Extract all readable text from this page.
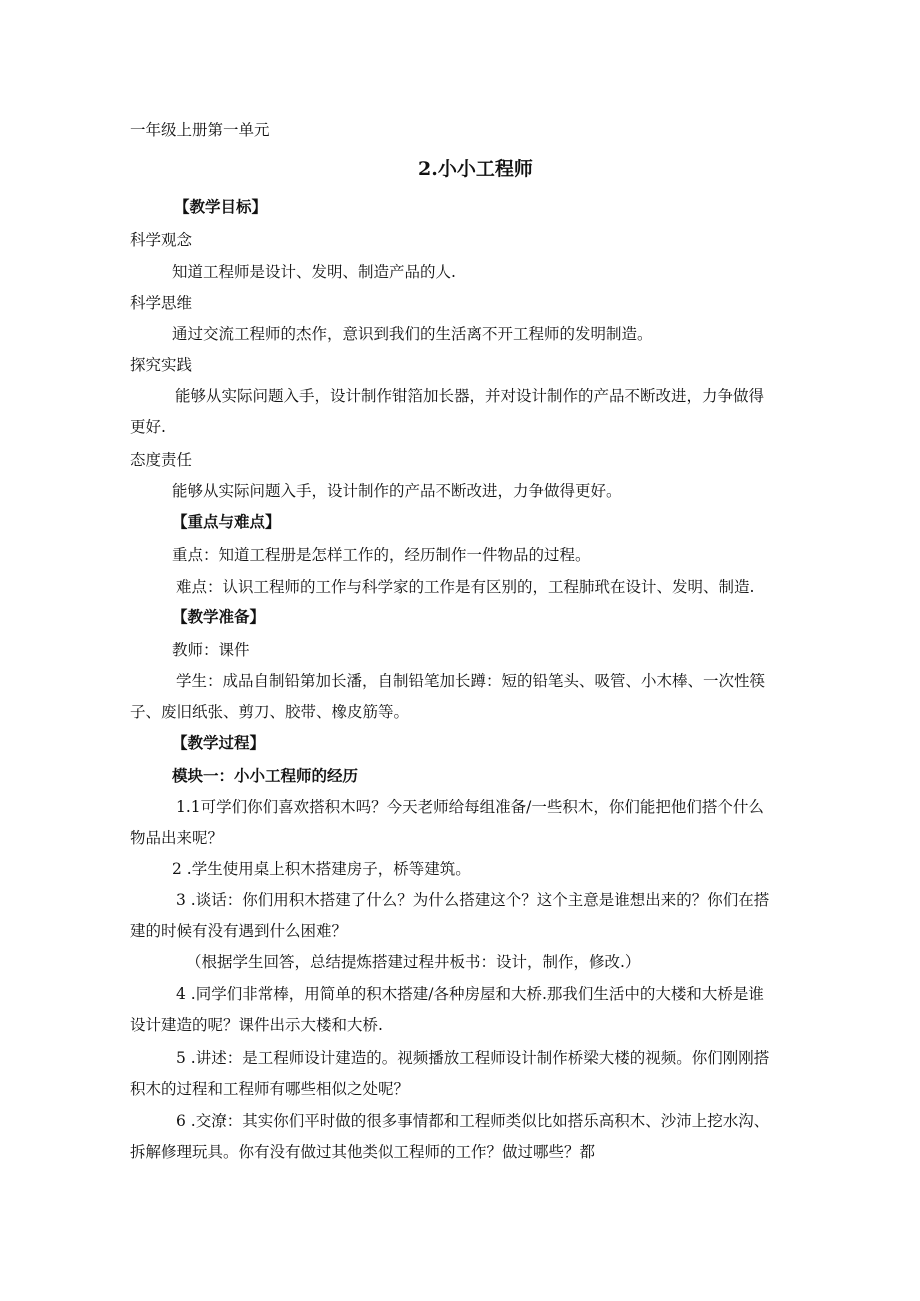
一年级上册第一单元
2.小小工程师
【教学目标】
科学观念
知道工程师是设计、发明、制造产品的人.
科学思维
通过交流工程师的杰作，意识到我们的生活离不开工程师的发明制造。
探究实践
能够从实际问题入手，设计制作钳箔加长器，并对设计制作的产品不断改进，力争做得
更好.
态度责任
能够从实际问题入手，设计制作的产品不断改进，力争做得更好。
【重点与难点】
重点：知道工程册是怎样工作的，经历制作一件物品的过程。
难点：认识工程师的工作与科学家的工作是有区别的，工程肺玳在设计、发明、制造.
【教学准备】
教师：课件
学生：成品自制铅第加长潘，自制铅笔加长蹲：短的铅笔头、吸管、小木棒、一次性筷
子、废旧纸张、剪刀、胶带、橡皮筋等。
【教学过程】
模块一：小小工程师的经历
1.1可学们你们喜欢搭积木吗？今天老师给每组准备/一些积木，你们能把他们搭个什么
物品出来呢？
2 .学生使用桌上积木搭建房子，桥等建筑。
3 .谈话：你们用积木搭建了什么？为什么搭建这个？这个主意是谁想出来的？你们在搭
建的时候有没有遇到什么困难？
（根据学生回答，总结提炼搭建过程井板书：设计，制作，修改.）
4 .同学们非常棒，用简单的积木搭建/各种房屋和大桥.那我们生活中的大楼和大桥是谁
设计建造的呢？课件出示大楼和大桥.
5 .讲述：是工程师设计建造的。视频播放工程师设计制作桥梁大楼的视频。你们刚刚搭
积木的过程和工程师有哪些相似之处呢？
6 .交潦：其实你们平时做的很多事情都和工程师类似比如搭乐高积木、沙沛上挖水沟、
拆解修理玩具。你有没有做过其他类似工程师的工作？做过哪些？都
